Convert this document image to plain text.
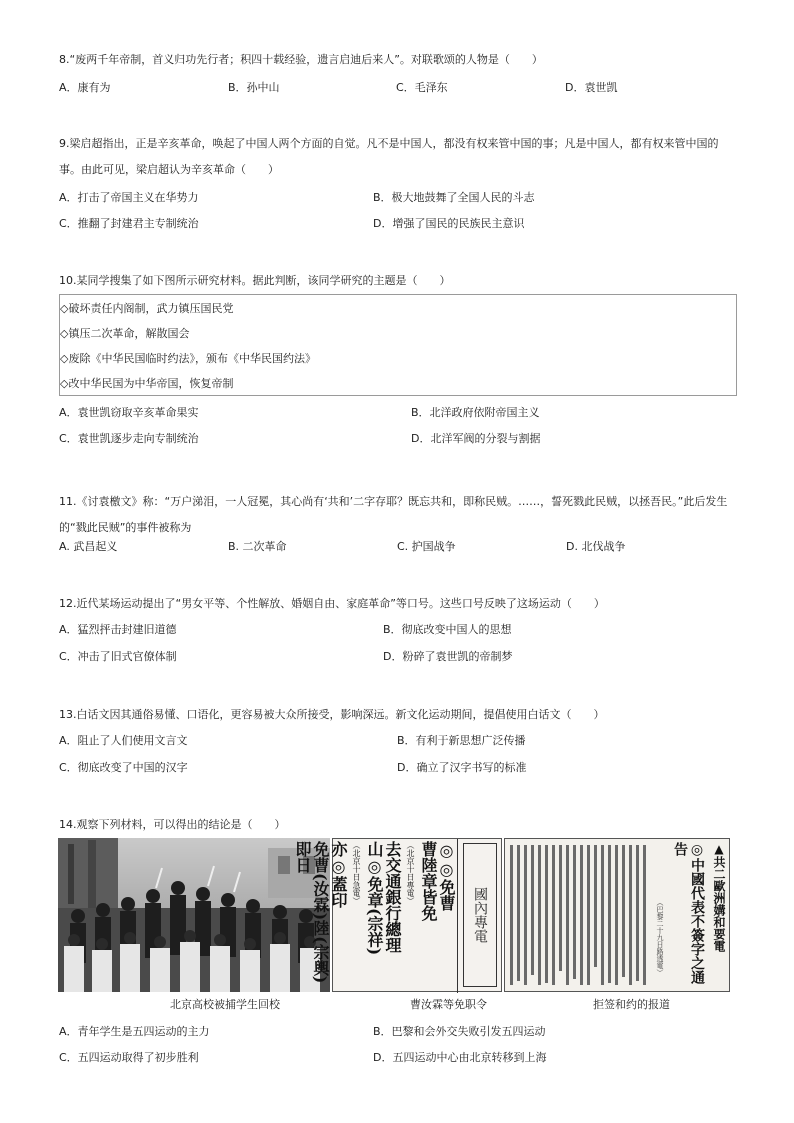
8.“废两千年帝制，首义归功先行者；积四十载经验，遗言启迪后来人”。对联歌颂的人物是（　　）
A．康有为	B．孙中山	C．毛泽东	D．袁世凯
9.梁启超指出，正是辛亥革命，唤起了中国人两个方面的自觉。凡不是中国人，都没有权来管中国的事；凡是中国人，都有权来管中国的事。由此可见，梁启超认为辛亥革命（　　）
A．打击了帝国主义在华势力	B．极大地鼓舞了全国人民的斗志
C．推翻了封建君主专制统治	D．增强了国民的民族民主意识
10.某同学搜集了如下图所示研究材料。据此判断，该同学研究的主题是（　　）
◇破坏责任内阁制，武力镇压国民党
◇镇压二次革命，解散国会
◇废除《中华民国临时约法》，颁布《中华民国约法》
◇改中华民国为中华帝国，恢复帝制
A．袁世凯窃取辛亥革命果实	B．北洋政府依附帝国主义
C．袁世凯逐步走向专制统治	D．北洋军阀的分裂与割据
11.《讨袁檄文》称：“万户涕泪，一人冠冕，其心尚有‘共和’二字存耶？既忘共和，即称民贼。……，誓死戮此民贼，以拯吾民。”此后发生的“戮此民贼”的事件被称为
A. 武昌起义	B. 二次革命	C. 护国战争	D. 北伐战争
12.近代某场运动提出了“男女平等、个性解放、婚姻自由、家庭革命”等口号。这些口号反映了这场运动（　　）
A．猛烈抨击封建旧道德	B．彻底改变中国人的思想
C．冲击了旧式官僚体制	D．粉碎了袁世凯的帝制梦
13.白话文因其通俗易懂、口语化，更容易被大众所接受，影响深远。新文化运动期间，提倡使用白话文（　　）
A．阻止了人们使用文言文	B．有利于新思想广泛传播
C．彻底改变了中国的汉字	D．确立了汉字书写的标准
14.观察下列材料，可以得出的结论是（　　）
國內專電
◎◎免曹
曹陸章皆免
（北京十日專電）
去交通銀行總理
山◎免章(宗祥)
（北京十日急電）
亦◎蓋印
免曹(汝霖)陸(宗輿)即日	▲共二歐洲媾和要電
◎中國代表不簽字之通告
（巴黎二十九日路透電）
北京高校被捕学生回校	曹汝霖等免职令	拒签和约的报道
A．青年学生是五四运动的主力	B．巴黎和会外交失败引发五四运动
C．五四运动取得了初步胜利	D．五四运动中心由北京转移到上海
